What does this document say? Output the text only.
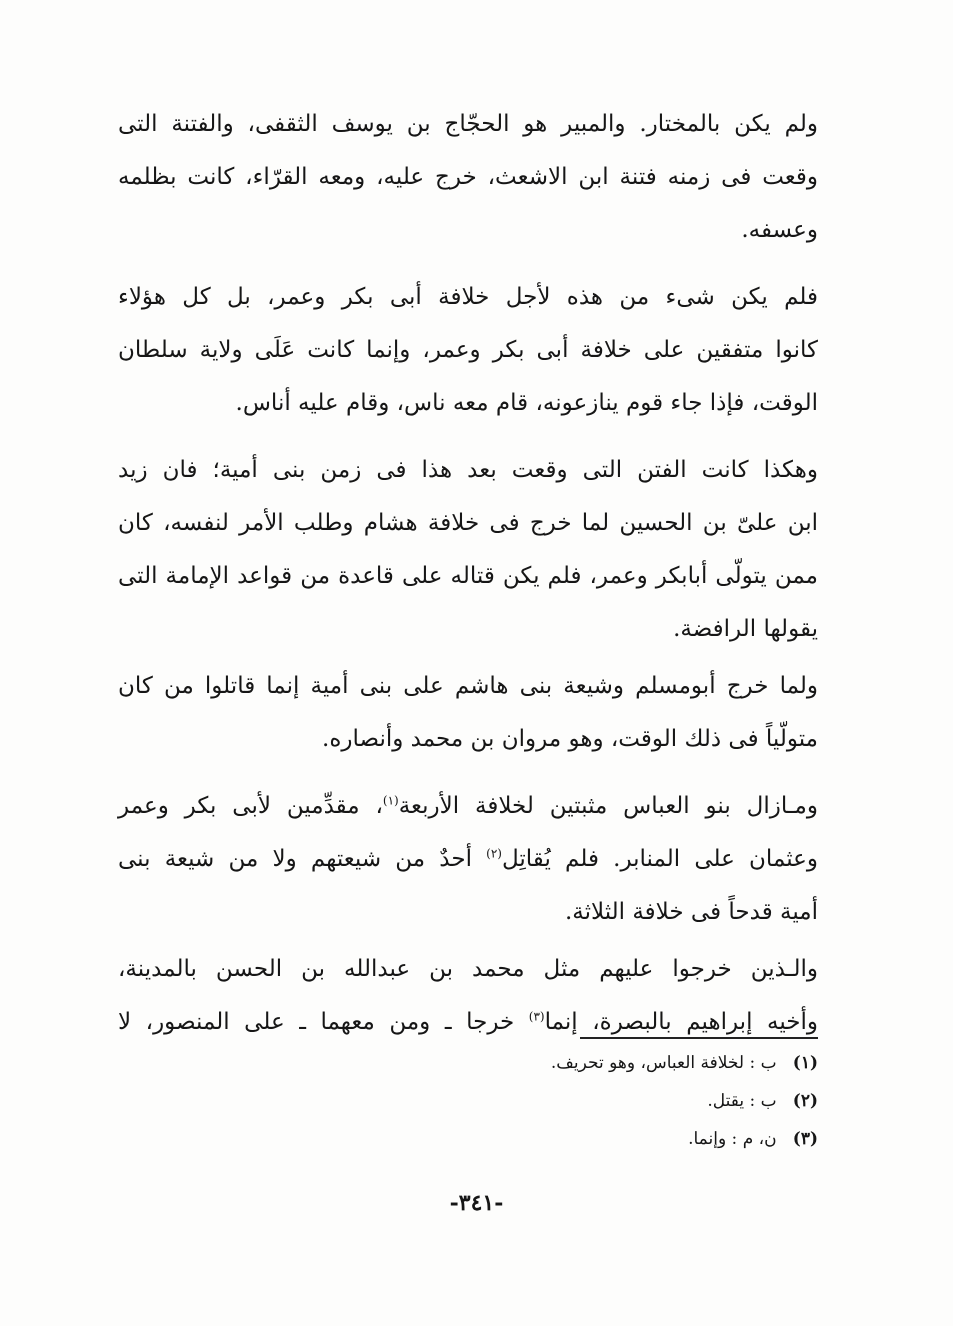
ولم يكن بالمختار. والمبير هو الحجّاج بن يوسف الثقفى، والفتنة التى
وقعت فى زمنه فتنة ابن الاشعث، خرج عليه، ومعه القرّاء، كانت بظلمه
وعسفه.
فلم يكن شىء من هذه لأجل خلافة أبى بكر وعمر، بل كل هؤلاء
كانوا متفقين على خلافة أبى بكر وعمر، وإنما كانت عَلَى ولاية سلطان
الوقت، فإذا جاء قوم ينازعونه، قام معه ناس، وقام عليه أناس.
وهكذا كانت الفتن التى وقعت بعد هذا فى زمن بنى أمية؛ فان زيد
ابن علىّ بن الحسين لما خرج فى خلافة هشام وطلب الأمر لنفسه، كان
ممن يتولّى أبابكر وعمر، فلم يكن قتاله على قاعدة من قواعد الإمامة التى
يقولها الرافضة.
ولما خرج أبومسلم وشيعة بنى هاشم على بنى أمية إنما قاتلوا من كان
متولّياً فى ذلك الوقت، وهو مروان بن محمد وأنصاره.
ومـازال بنو العباس مثبتين لخلافة الأربعة$^{(١)}$، مقدِّمين لأبى بكر وعمر
وعثمان على المنابر. فلم يُقاتِل$^{(٢)}$ أحدٌ من شيعتهم ولا من شيعة بنى
أمية قدحاً فى خلافة الثلاثة.
والـذين خرجوا عليهم مثل محمد بن عبدالله بن الحسن بالمدينة،
وأخيه إبراهيم بالبصرة، إنما$^{(٣)}$ خرجا ـ ومن معهما ـ على المنصور، لا
(١) ب : لخلافة العباس، وهو تحريف.
(٢) ب : يقتل.
(٣) ن، م : وإنما.
-٣٤١-
